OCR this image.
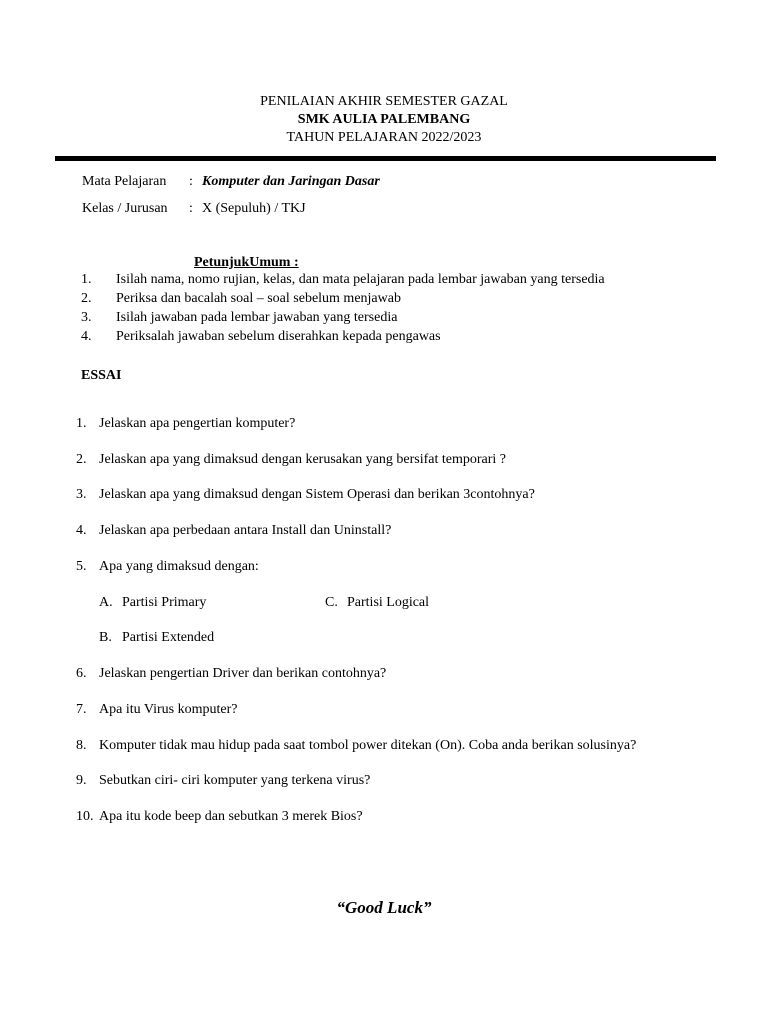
PENILAIAN AKHIR SEMESTER GAZAL
SMK AULIA PALEMBANG
TAHUN PELAJARAN 2022/2023
Mata Pelajaran : Komputer dan Jaringan Dasar
Kelas / Jurusan : X (Sepuluh) / TKJ
PetunjukUmum :
1. Isilah nama, nomo rujian, kelas, dan mata pelajaran pada lembar jawaban yang tersedia
2. Periksa dan bacalah soal – soal sebelum menjawab
3. Isilah jawaban pada lembar jawaban yang tersedia
4. Periksalah jawaban sebelum diserahkan kepada pengawas
ESSAI
1. Jelaskan apa pengertian komputer?
2. Jelaskan apa yang dimaksud dengan kerusakan yang bersifat temporari ?
3. Jelaskan apa yang dimaksud dengan Sistem Operasi dan berikan 3contohnya?
4. Jelaskan apa perbedaan antara Install dan Uninstall?
5. Apa yang dimaksud dengan:
A. Partisi Primary	C. Partisi Logical
B. Partisi Extended
6. Jelaskan pengertian Driver dan berikan contohnya?
7. Apa itu Virus komputer?
8. Komputer tidak mau hidup pada saat tombol power ditekan (On). Coba anda berikan solusinya?
9. Sebutkan ciri- ciri komputer yang terkena virus?
10. Apa itu kode beep dan sebutkan 3 merek Bios?
“Good Luck”
